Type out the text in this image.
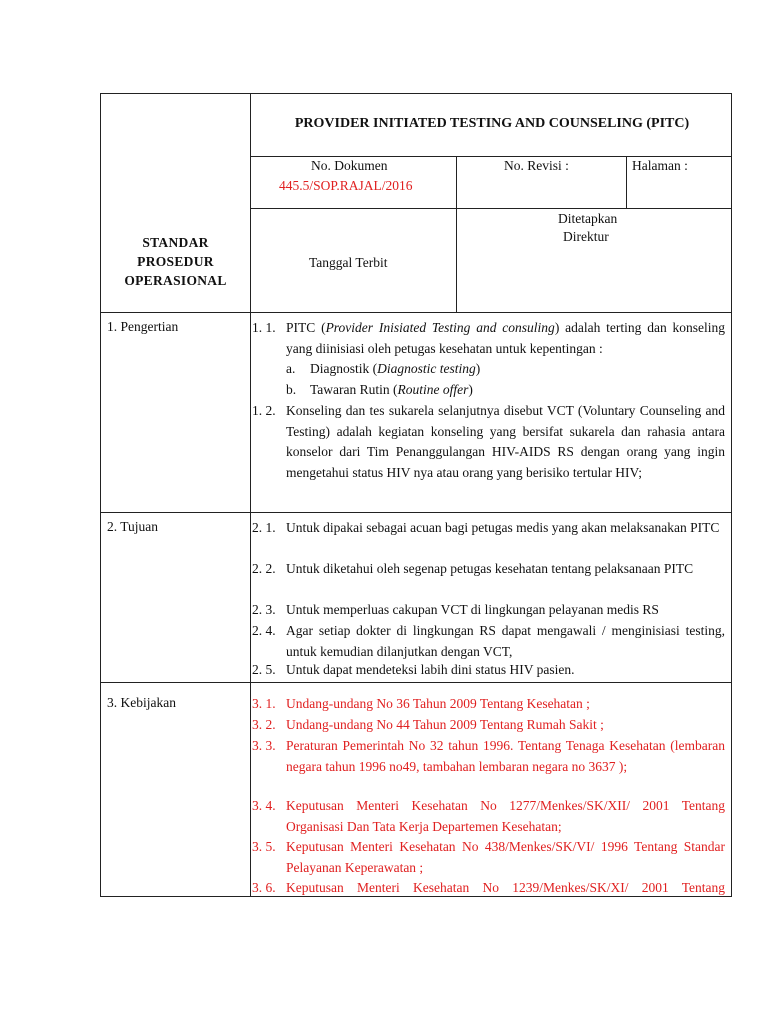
PROVIDER INITIATED TESTING AND COUNSELING (PITC)
No. Dokumen
445.5/SOP.RAJAL/2016
No. Revisi :	Halaman :
STANDAR
PROSEDUR
OPERASIONAL
Tanggal Terbit
Ditetapkan
Direktur
1. Pengertian	1. 1. PITC (Provider Inisiated Testing and consuling) adalah terting dan konseling yang diinisiasi oleh petugas kesehatan untuk kepentingan :
a.	Diagnostik (Diagnostic testing)
b.	Tawaran Rutin (Routine offer)
1. 2. Konseling dan tes sukarela selanjutnya disebut VCT (Voluntary Counseling and Testing) adalah kegiatan konseling yang bersifat sukarela dan rahasia antara konselor dari Tim Penanggulangan HIV-AIDS RS dengan orang yang ingin mengetahui status HIV nya atau orang yang berisiko tertular HIV;
2. Tujuan	2. 1. Untuk dipakai sebagai acuan bagi petugas medis yang akan melaksanakan PITC
2. 2. Untuk diketahui oleh segenap petugas kesehatan tentang pelaksanaan PITC
2. 3. Untuk memperluas cakupan VCT di lingkungan pelayanan medis RS
2. 4. Agar setiap dokter di lingkungan RS dapat mengawali / menginisiasi testing, untuk kemudian dilanjutkan dengan VCT,
2. 5. Untuk dapat mendeteksi labih dini status HIV pasien.
3. Kebijakan	3. 1. Undang-undang No 36 Tahun 2009 Tentang Kesehatan ;
3. 2. Undang-undang No 44 Tahun 2009 Tentang Rumah Sakit ;
3. 3. Peraturan Pemerintah No 32 tahun 1996. Tentang Tenaga Kesehatan (lembaran negara tahun 1996 no49, tambahan lembaran negara no 3637 );
3. 4. Keputusan Menteri Kesehatan No 1277/Menkes/SK/XII/ 2001 Tentang Organisasi Dan Tata Kerja Departemen Kesehatan;
3. 5. Keputusan Menteri Kesehatan No 438/Menkes/SK/VI/ 1996 Tentang Standar Pelayanan Keperawatan ;
3. 6. Keputusan Menteri Kesehatan No 1239/Menkes/SK/XI/ 2001 Tentang
